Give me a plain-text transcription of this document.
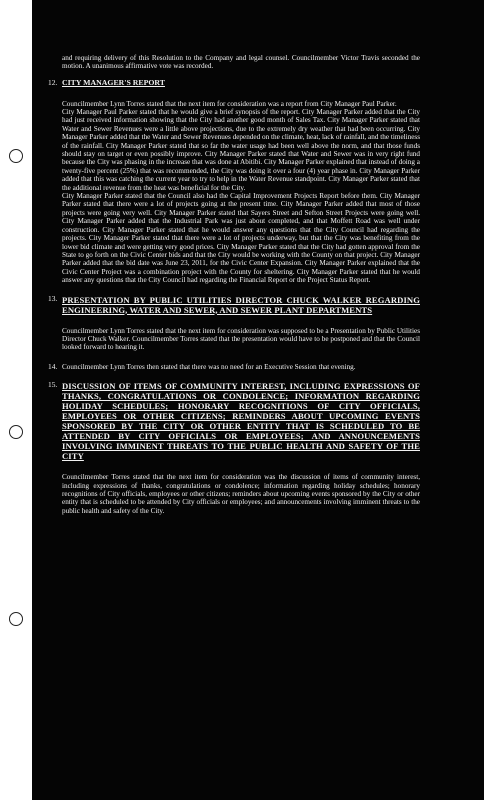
and requiring delivery of this Resolution to the Company and legal counsel. Councilmember Victor Travis seconded the motion. A unanimous affirmative vote was recorded.

12. CITY MANAGER'S REPORT

Councilmember Lynn Torres stated that the next item for consideration was a report from City Manager Paul Parker.

City Manager Paul Parker stated that he would give a brief synopsis of the report. City Manager Parker added that the City had just received information showing that the City had another good month of Sales Tax. City Manager Parker stated that Water and Sewer Revenues were a little above projections, due to the extremely dry weather that had been occurring. City Manager Parker added that the Water and Sewer Revenues depended on the climate, heat, lack of rainfall, and the timeliness of the rainfall. City Manager Parker stated that so far the water usage had been well above the norm, and that those funds should stay on target or even possibly improve. City Manager Parker stated that Water and Sewer was in very right fund because the City was phasing in the increase that was done at Abitibi. City Manager Parker explained that instead of doing a twenty-five percent (25%) that was recommended, the City was doing it over a four (4) year phase in. City Manager Parker added that this was catching the current year to try to help in the Water Revenue standpoint. City Manager Parker stated that the additional revenue from the heat was beneficial for the City.

City Manager Parker stated that the Council also had the Capital Improvement Projects Report before them. City Manager Parker stated that there were a lot of projects going at the present time. City Manager Parker added that most of those projects were going very well. City Manager Parker stated that Sayers Street and Sefton Street Projects were going well. City Manager Parker added that the Industrial Park was just about completed, and that Moffett Road was well under construction. City Manager Parker stated that he would answer any questions that the City Council had regarding the projects. City Manager Parker stated that there were a lot of projects underway, but that the City was benefiting from the lower bid climate and were getting very good prices. City Manager Parker stated that the City had gotten approval from the State to go forth on the Civic Center bids and that the City would be working with the County on that project. City Manager Parker added that the bid date was June 23, 2011, for the Civic Center Expansion. City Manager Parker explained that the Civic Center Project was a combination project with the County for sheltering. City Manager Parker stated that he would answer any questions that the City Council had regarding the Financial Report or the Project Status Report.

13. PRESENTATION BY PUBLIC UTILITIES DIRECTOR CHUCK WALKER REGARDING ENGINEERING, WATER AND SEWER, AND SEWER PLANT DEPARTMENTS

Councilmember Lynn Torres stated that the next item for consideration was supposed to be a Presentation by Public Utilities Director Chuck Walker. Councilmember Torres stated that the presentation would have to be postponed and that the Council looked forward to hearing it.

14. Councilmember Lynn Torres then stated that there was no need for an Executive Session that evening.

15. DISCUSSION OF ITEMS OF COMMUNITY INTEREST, INCLUDING EXPRESSIONS OF THANKS, CONGRATULATIONS OR CONDOLENCE; INFORMATION REGARDING HOLIDAY SCHEDULES; HONORARY RECOGNITIONS OF CITY OFFICIALS, EMPLOYEES OR OTHER CITIZENS; REMINDERS ABOUT UPCOMING EVENTS SPONSORED BY THE CITY OR OTHER ENTITY THAT IS SCHEDULED TO BE ATTENDED BY CITY OFFICIALS OR EMPLOYEES; AND ANNOUNCEMENTS INVOLVING IMMINENT THREATS TO THE PUBLIC HEALTH AND SAFETY OF THE CITY

Councilmember Torres stated that the next item for consideration was the discussion of items of community interest, including expressions of thanks, congratulations or condolence; information regarding holiday schedules; honorary recognitions of City officials, employees or other citizens; reminders about upcoming events sponsored by the City or other entity that is scheduled to be attended by City officials or employees; and announcements involving imminent threats to the public health and safety of the City.
